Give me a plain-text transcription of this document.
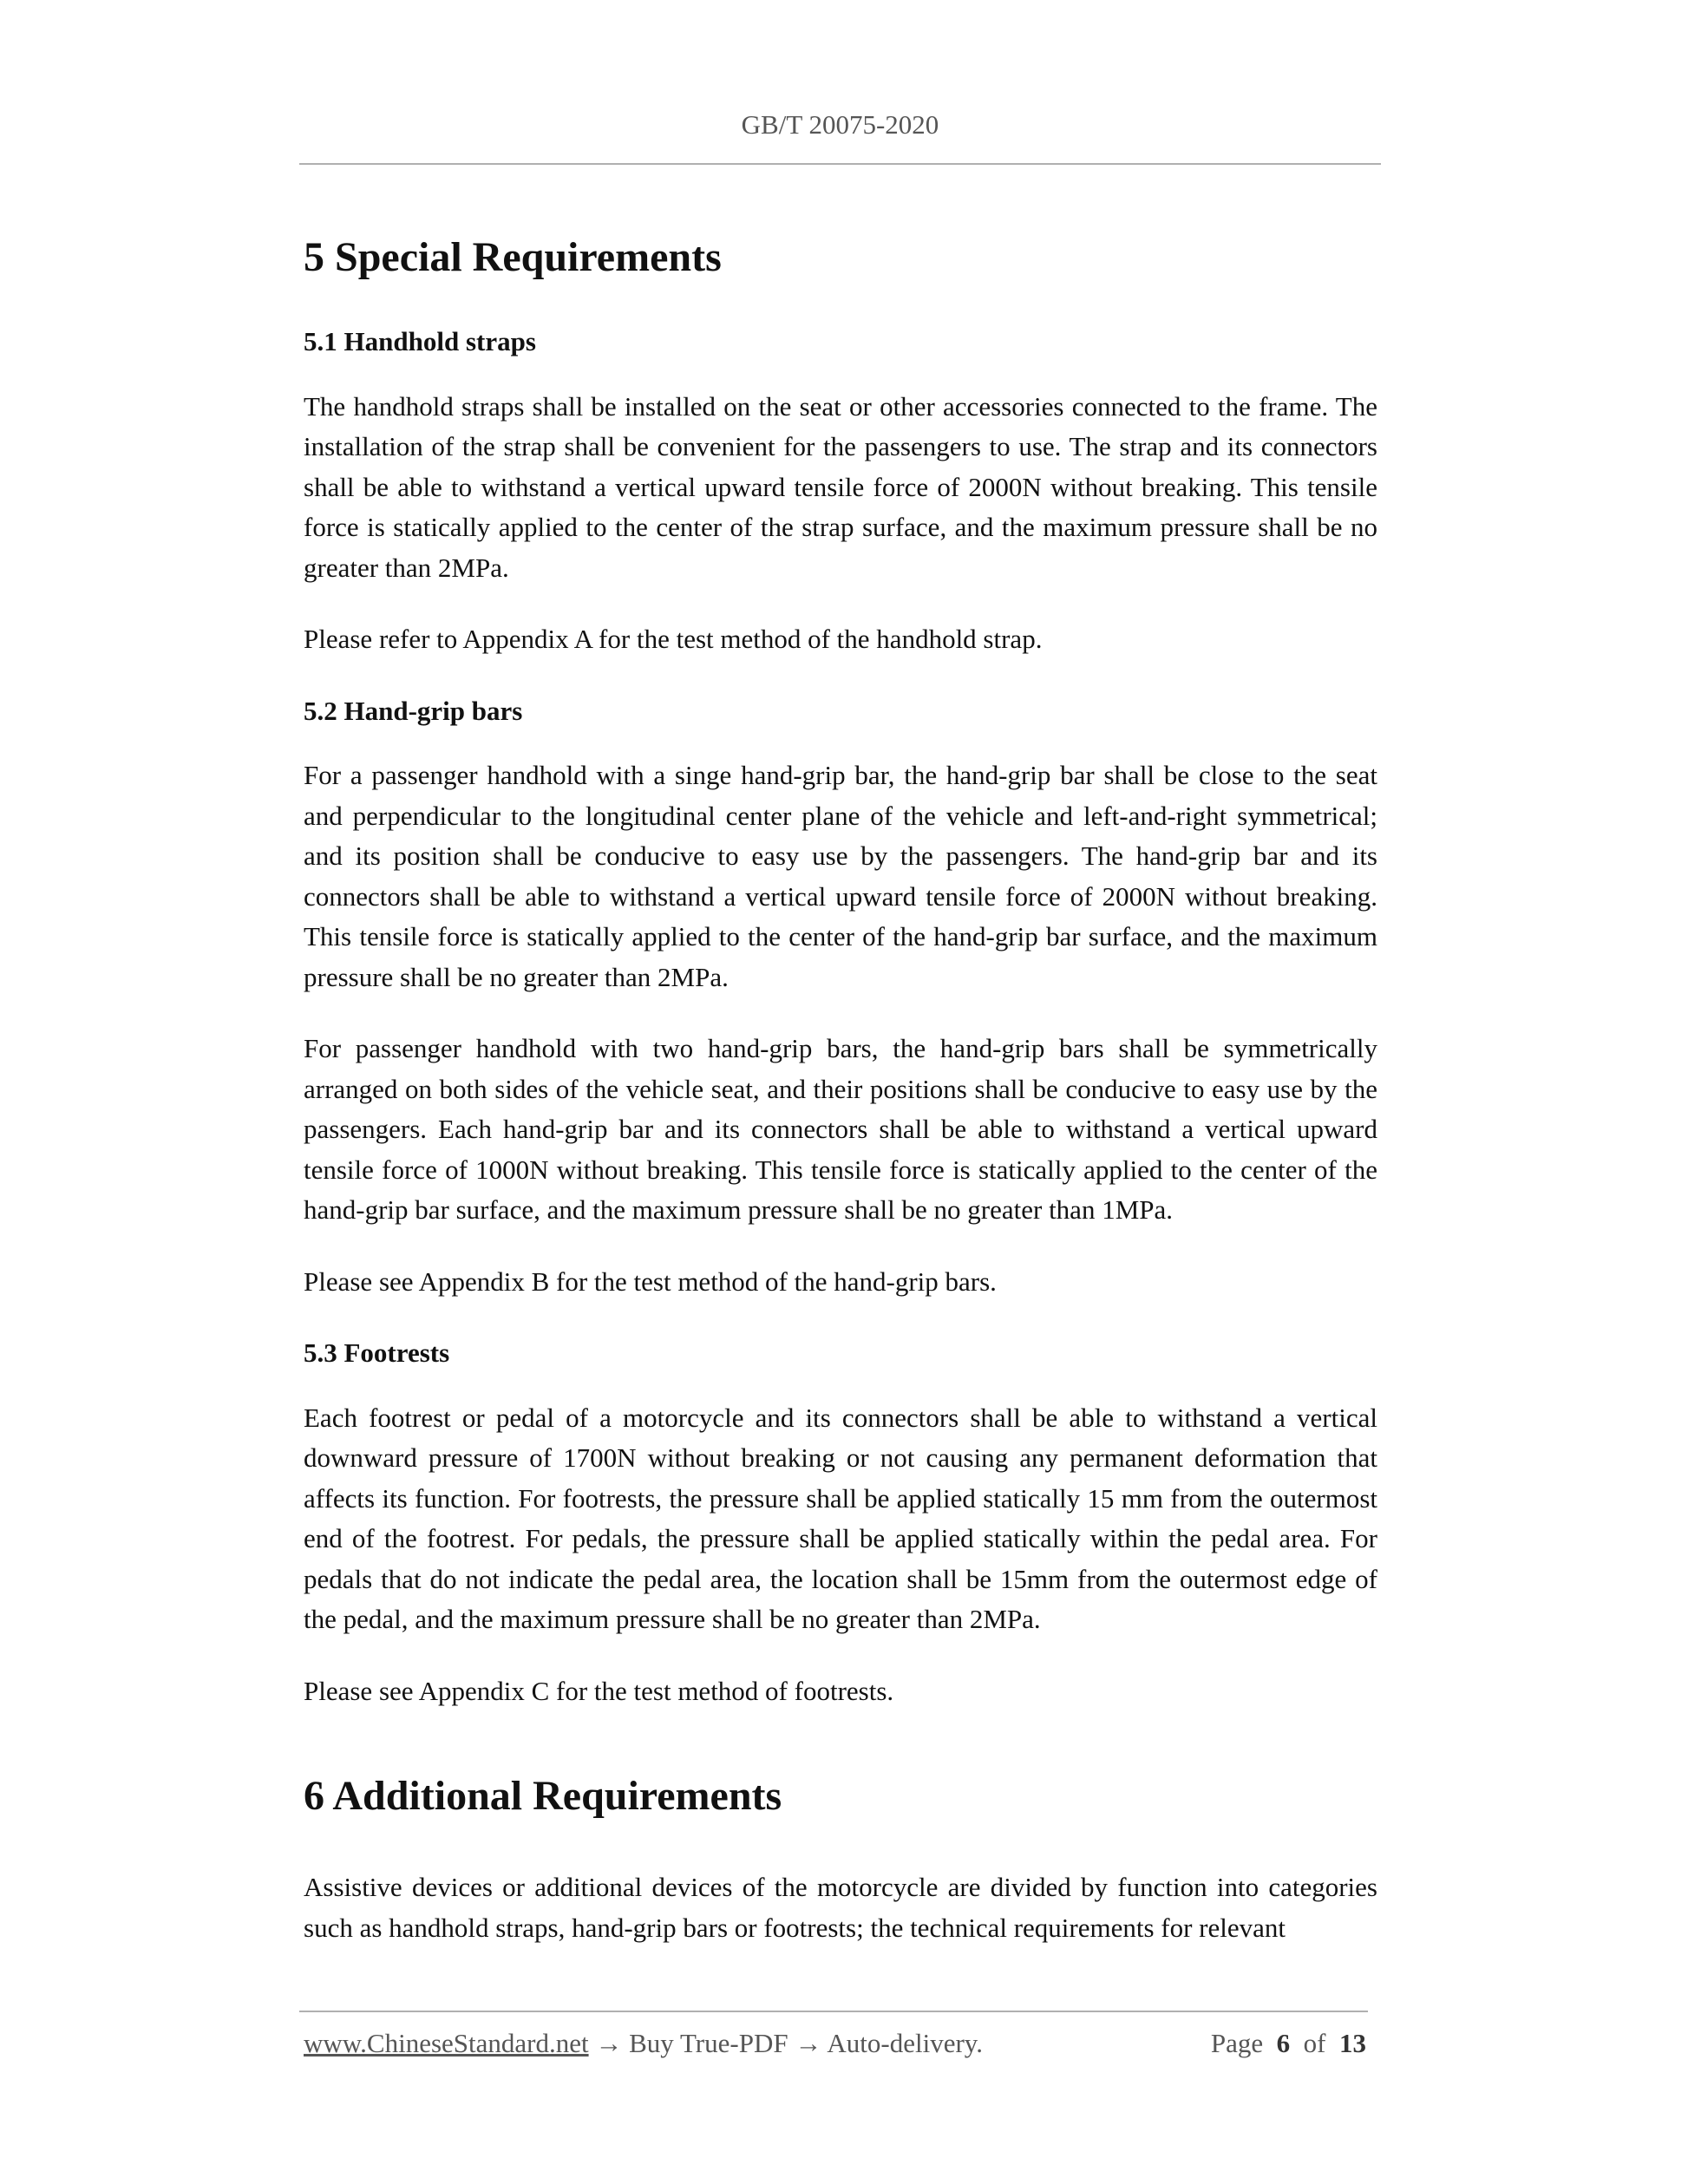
GB/T 20075-2020
5 Special Requirements
5.1 Handhold straps

The handhold straps shall be installed on the seat or other accessories connected to the frame. The installation of the strap shall be convenient for the passengers to use. The strap and its connectors shall be able to withstand a vertical upward tensile force of 2000N without breaking. This tensile force is statically applied to the center of the strap surface, and the maximum pressure shall be no greater than 2MPa.

Please refer to Appendix A for the test method of the handhold strap.

5.2 Hand-grip bars

For a passenger handhold with a singe hand-grip bar, the hand-grip bar shall be close to the seat and perpendicular to the longitudinal center plane of the vehicle and left-and-right symmetrical; and its position shall be conducive to easy use by the passengers. The hand-grip bar and its connectors shall be able to withstand a vertical upward tensile force of 2000N without breaking. This tensile force is statically applied to the center of the hand-grip bar surface, and the maximum pressure shall be no greater than 2MPa.

For passenger handhold with two hand-grip bars, the hand-grip bars shall be symmetrically arranged on both sides of the vehicle seat, and their positions shall be conducive to easy use by the passengers. Each hand-grip bar and its connectors shall be able to withstand a vertical upward tensile force of 1000N without breaking. This tensile force is statically applied to the center of the hand-grip bar surface, and the maximum pressure shall be no greater than 1MPa.

Please see Appendix B for the test method of the hand-grip bars.

5.3 Footrests

Each footrest or pedal of a motorcycle and its connectors shall be able to withstand a vertical downward pressure of 1700N without breaking or not causing any permanent deformation that affects its function. For footrests, the pressure shall be applied statically 15 mm from the outermost end of the footrest. For pedals, the pressure shall be applied statically within the pedal area. For pedals that do not indicate the pedal area, the location shall be 15mm from the outermost edge of the pedal, and the maximum pressure shall be no greater than 2MPa.

Please see Appendix C for the test method of footrests.

6 Additional Requirements

Assistive devices or additional devices of the motorcycle are divided by function into categories such as handhold straps, hand-grip bars or footrests; the technical requirements for relevant

www.ChineseStandard.net → Buy True-PDF → Auto-delivery.	Page 6 of 13
